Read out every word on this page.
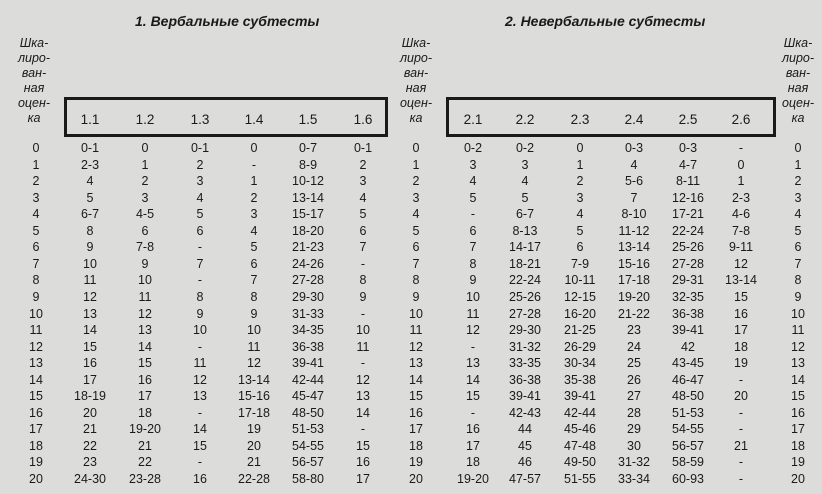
1. Вербальные субтесты	2. Невербальные субтесты
Шка-
лиро-
ван-
ная
оцен-
ка
Шка-
лиро-
ван-
ная
оцен-
ка
Шка-
лиро-
ван-
ная
оцен-
ка
1.1	1.2	1.3	1.4	1.5	1.6	2.1	2.2	2.3	2.4	2.5	2.6
0	0-1	0	0-1	0	0-7	0-1	0	0-2	0-2	0	0-3	0-3	-	0
1	2-3	1	2	-	8-9	2	1	3	3	1	4	4-7	0	1
2	4	2	3	1	10-12	3	2	4	4	2	5-6	8-11	1	2
3	5	3	4	2	13-14	4	3	5	5	3	7	12-16	2-3	3
4	6-7	4-5	5	3	15-17	5	4	-	6-7	4	8-10	17-21	4-6	4
5	8	6	6	4	18-20	6	5	6	8-13	5	11-12	22-24	7-8	5
6	9	7-8	-	5	21-23	7	6	7	14-17	6	13-14	25-26	9-11	6
7	10	9	7	6	24-26	-	7	8	18-21	7-9	15-16	27-28	12	7
8	11	10	-	7	27-28	8	8	9	22-24	10-11	17-18	29-31	13-14	8
9	12	11	8	8	29-30	9	9	10	25-26	12-15	19-20	32-35	15	9
10	13	12	9	9	31-33	-	10	11	27-28	16-20	21-22	36-38	16	10
11	14	13	10	10	34-35	10	11	12	29-30	21-25	23	39-41	17	11
12	15	14	-	11	36-38	11	12	-	31-32	26-29	24	42	18	12
13	16	15	11	12	39-41	-	13	13	33-35	30-34	25	43-45	19	13
14	17	16	12	13-14	42-44	12	14	14	36-38	35-38	26	46-47	-	14
15	18-19	17	13	15-16	45-47	13	15	15	39-41	39-41	27	48-50	20	15
16	20	18	-	17-18	48-50	14	16	-	42-43	42-44	28	51-53	-	16
17	21	19-20	14	19	51-53	-	17	16	44	45-46	29	54-55	-	17
18	22	21	15	20	54-55	15	18	17	45	47-48	30	56-57	21	18
19	23	22	-	21	56-57	16	19	18	46	49-50	31-32	58-59	-	19
20	24-30	23-28	16	22-28	58-80	17	20	19-20	47-57	51-55	33-34	60-93	-	20
